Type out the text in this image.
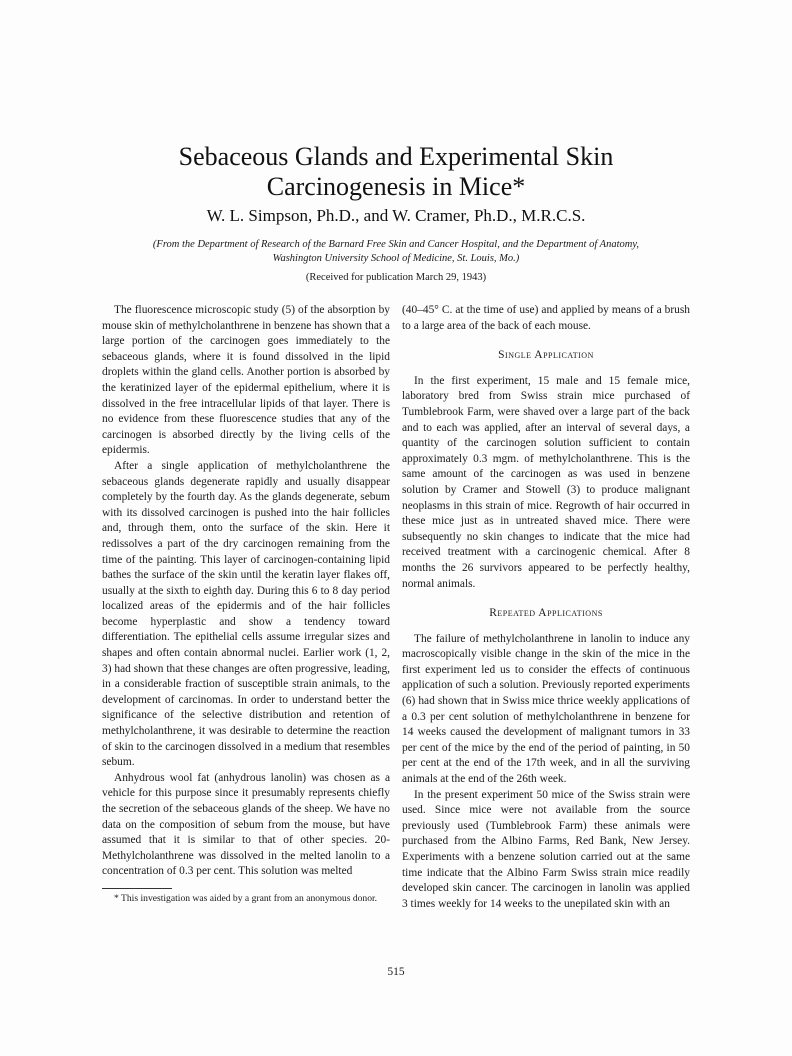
Sebaceous Glands and Experimental Skin
Carcinogenesis in Mice*

W. L. Simpson, Ph.D., and W. Cramer, Ph.D., M.R.C.S.

(From the Department of Research of the Barnard Free Skin and Cancer Hospital, and the Department of Anatomy, Washington University School of Medicine, St. Louis, Mo.)

(Received for publication March 29, 1943)

The fluorescence microscopic study (5) of the absorption by mouse skin of methylcholanthrene in benzene has shown that a large portion of the carcinogen goes immediately to the sebaceous glands, where it is found dissolved in the lipid droplets within the gland cells. Another portion is absorbed by the keratinized layer of the epidermal epithelium, where it is dissolved in the free intracellular lipids of that layer. There is no evidence from these fluorescence studies that any of the carcinogen is absorbed directly by the living cells of the epidermis.

After a single application of methylcholanthrene the sebaceous glands degenerate rapidly and usually disappear completely by the fourth day. As the glands degenerate, sebum with its dissolved carcinogen is pushed into the hair follicles and, through them, onto the surface of the skin. Here it redissolves a part of the dry carcinogen remaining from the time of the painting. This layer of carcinogen-containing lipid bathes the surface of the skin until the keratin layer flakes off, usually at the sixth to eighth day. During this 6 to 8 day period localized areas of the epidermis and of the hair follicles become hyperplastic and show a tendency toward differentiation. The epithelial cells assume irregular sizes and shapes and often contain abnormal nuclei. Earlier work (1, 2, 3) had shown that these changes are often progressive, leading, in a considerable fraction of susceptible strain animals, to the development of carcinomas. In order to understand better the significance of the selective distribution and retention of methylcholanthrene, it was desirable to determine the reaction of skin to the carcinogen dissolved in a medium that resembles sebum.

Anhydrous wool fat (anhydrous lanolin) was chosen as a vehicle for this purpose since it presumably represents chiefly the secretion of the sebaceous glands of the sheep. We have no data on the composition of sebum from the mouse, but have assumed that it is similar to that of other species. 20-Methylcholanthrene was dissolved in the melted lanolin to a concentration of 0.3 per cent. This solution was melted

* This investigation was aided by a grant from an anonymous donor.

(40–45° C. at the time of use) and applied by means of a brush to a large area of the back of each mouse.

Single Application

In the first experiment, 15 male and 15 female mice, laboratory bred from Swiss strain mice purchased of Tumblebrook Farm, were shaved over a large part of the back and to each was applied, after an interval of several days, a quantity of the carcinogen solution sufficient to contain approximately 0.3 mgm. of methylcholanthrene. This is the same amount of the carcinogen as was used in benzene solution by Cramer and Stowell (3) to produce malignant neoplasms in this strain of mice. Regrowth of hair occurred in these mice just as in untreated shaved mice. There were subsequently no skin changes to indicate that the mice had received treatment with a carcinogenic chemical. After 8 months the 26 survivors appeared to be perfectly healthy, normal animals.

Repeated Applications

The failure of methylcholanthrene in lanolin to induce any macroscopically visible change in the skin of the mice in the first experiment led us to consider the effects of continuous application of such a solution. Previously reported experiments (6) had shown that in Swiss mice thrice weekly applications of a 0.3 per cent solution of methylcholanthrene in benzene for 14 weeks caused the development of malignant tumors in 33 per cent of the mice by the end of the period of painting, in 50 per cent at the end of the 17th week, and in all the surviving animals at the end of the 26th week.

In the present experiment 50 mice of the Swiss strain were used. Since mice were not available from the source previously used (Tumblebrook Farm) these animals were purchased from the Albino Farms, Red Bank, New Jersey. Experiments with a benzene solution carried out at the same time indicate that the Albino Farm Swiss strain mice readily developed skin cancer. The carcinogen in lanolin was applied 3 times weekly for 14 weeks to the unepilated skin with an

515
